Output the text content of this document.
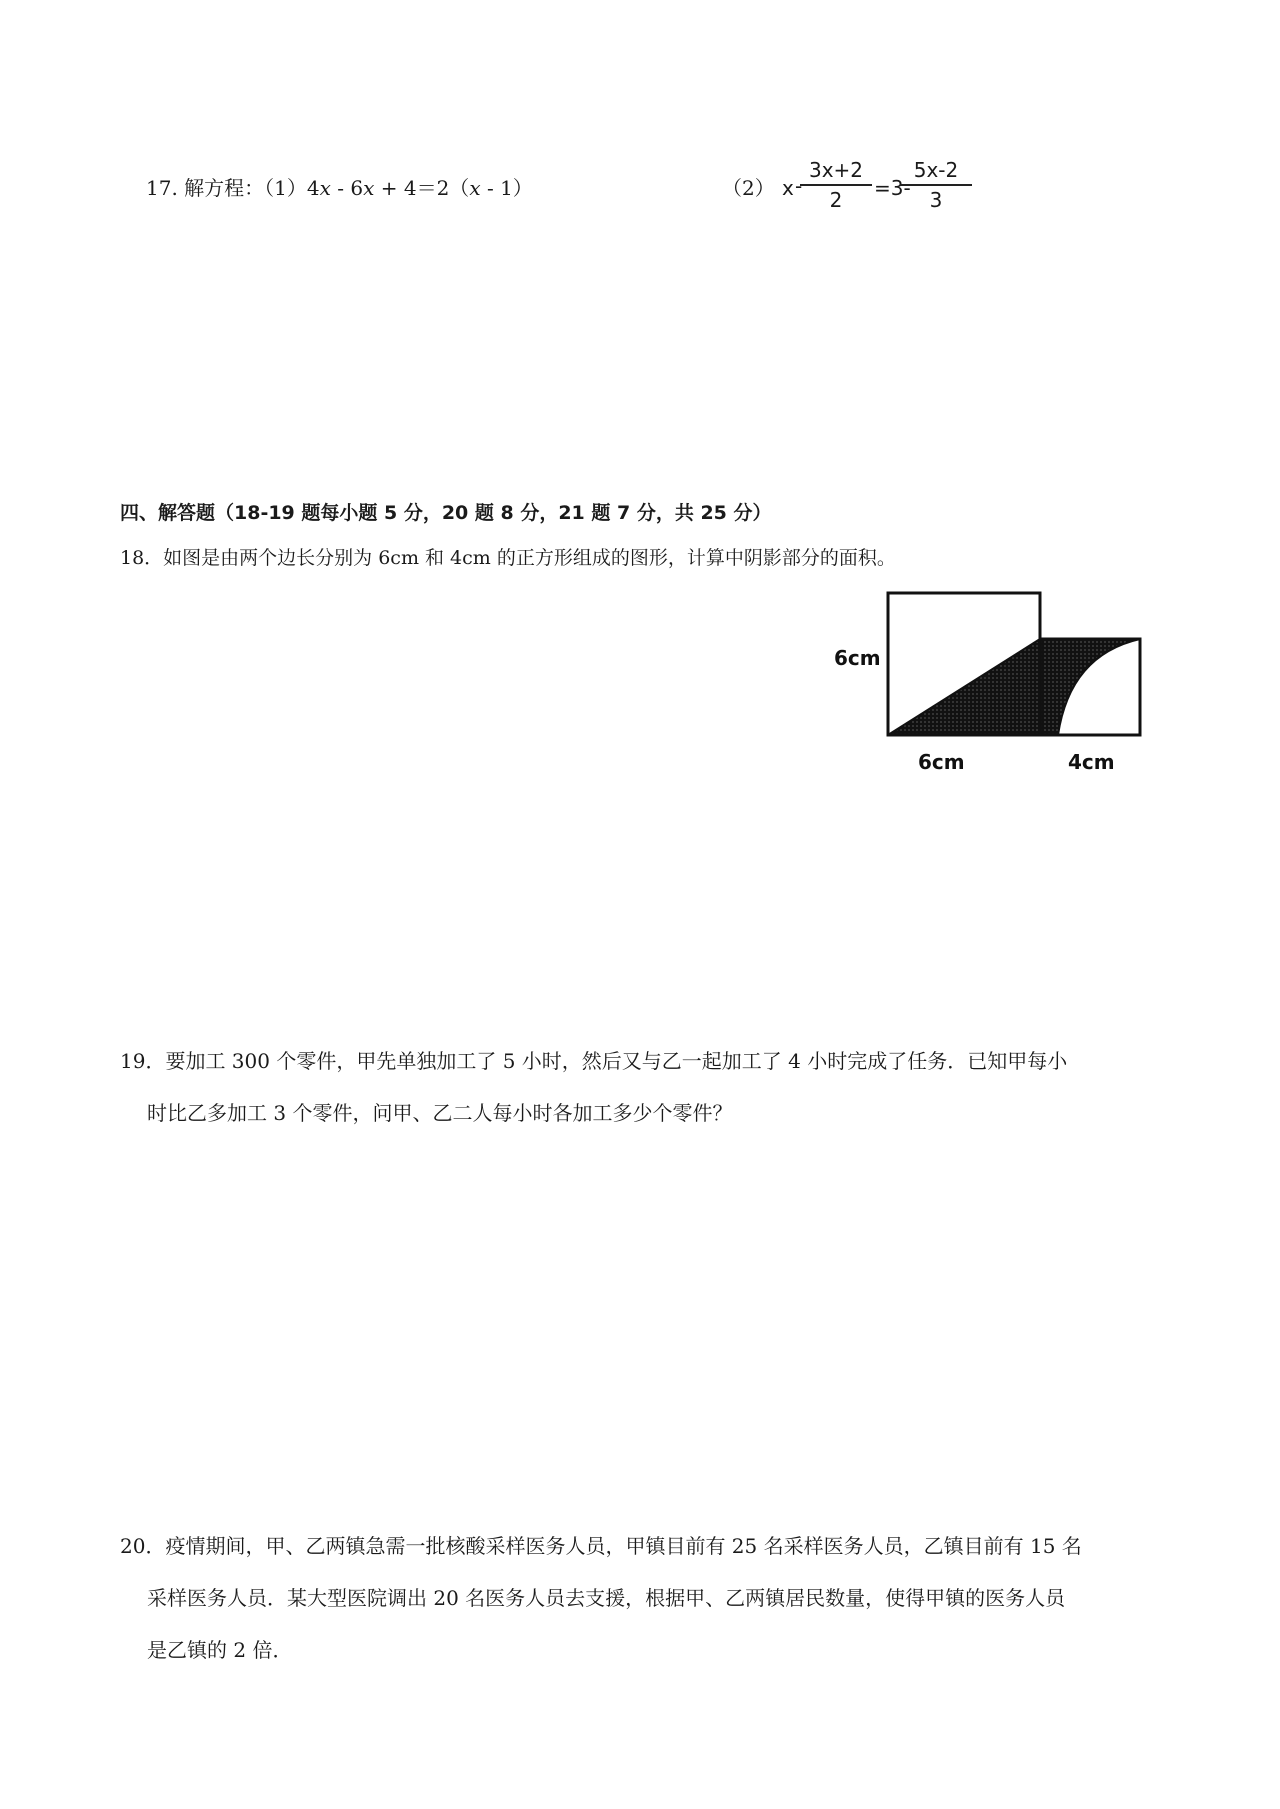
17. 解方程：（1）4x - 6x + 4＝2（x - 1）	（2） x -
3x+2
2	=3-
5x-2
3
四、解答题（18-19 题每小题 5 分，20 题 8 分，21 题 7 分，共 25 分）
18．如图是由两个边长分别为 6cm 和 4cm 的正方形组成的图形，计算中阴影部分的面积。
6cm
6cm	4cm
19．要加工 300 个零件，甲先单独加工了 5 小时，然后又与乙一起加工了 4 小时完成了任务．已知甲每小
时比乙多加工 3 个零件，问甲、乙二人每小时各加工多少个零件？
20．疫情期间，甲、乙两镇急需一批核酸采样医务人员，甲镇目前有 25 名采样医务人员，乙镇目前有 15 名
采样医务人员．某大型医院调出 20 名医务人员去支援，根据甲、乙两镇居民数量，使得甲镇的医务人员
是乙镇的 2 倍．
